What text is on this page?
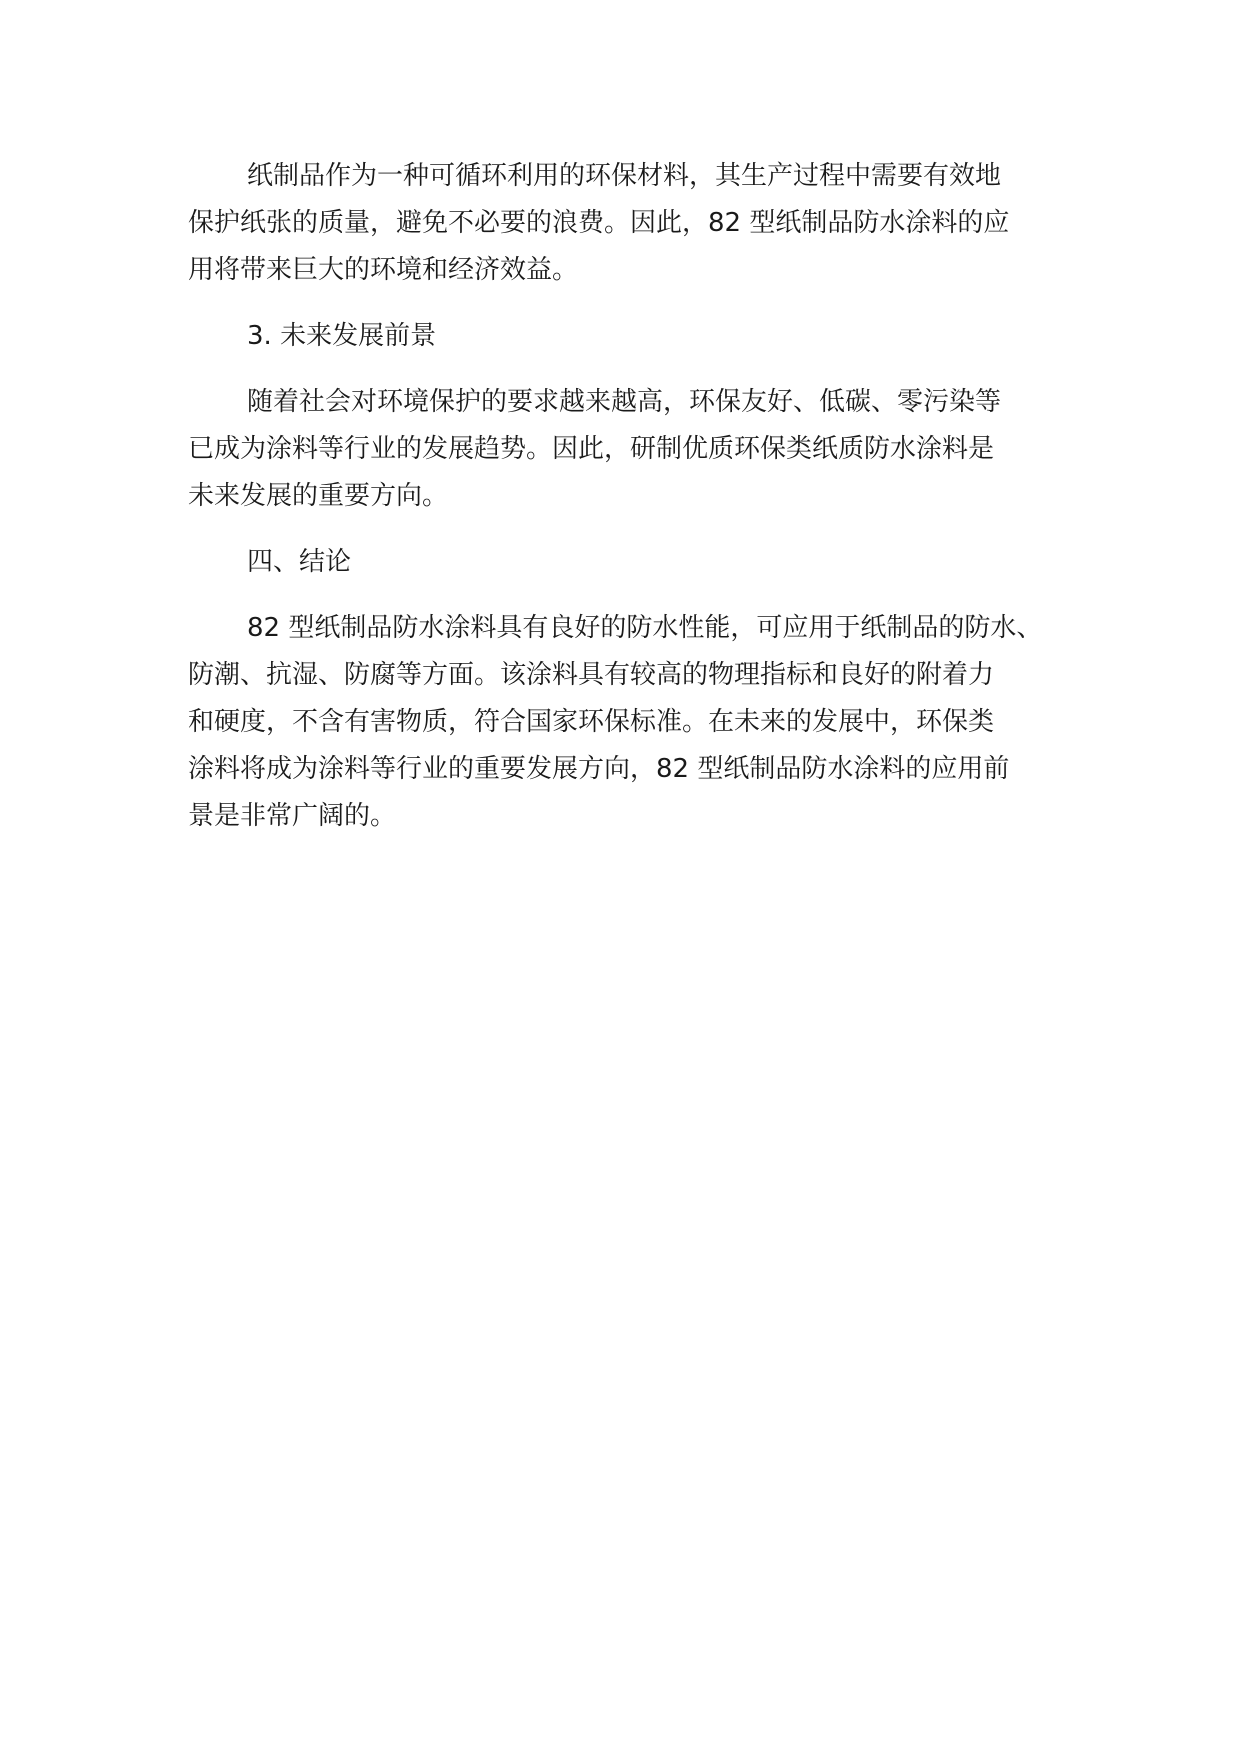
纸制品作为一种可循环利用的环保材料，其生产过程中需要有效地
保护纸张的质量，避免不必要的浪费。因此，82 型纸制品防水涂料的应
用将带来巨大的环境和经济效益。
3. 未来发展前景
随着社会对环境保护的要求越来越高，环保友好、低碳、零污染等
已成为涂料等行业的发展趋势。因此，研制优质环保类纸质防水涂料是
未来发展的重要方向。
四、结论
82 型纸制品防水涂料具有良好的防水性能，可应用于纸制品的防水、
防潮、抗湿、防腐等方面。该涂料具有较高的物理指标和良好的附着力
和硬度，不含有害物质，符合国家环保标准。在未来的发展中，环保类
涂料将成为涂料等行业的重要发展方向，82 型纸制品防水涂料的应用前
景是非常广阔的。
